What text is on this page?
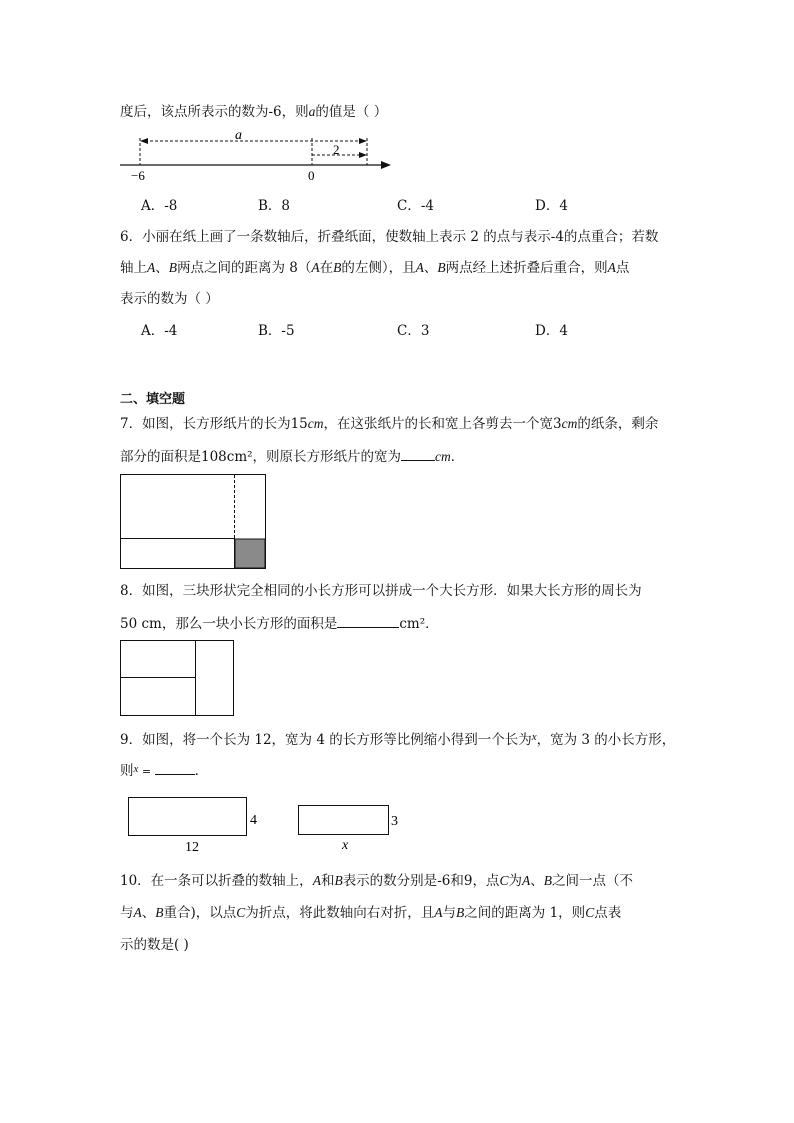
度后，该点所表示的数为-6，则a的值是（ ）
a
2
−6	0
A．-8	B．8	C．-4	D．4
6．小丽在纸上画了一条数轴后，折叠纸面，使数轴上表示 2 的点与表示-4的点重合；若数
轴上A、B两点之间的距离为 8（A在B的左侧），且A、B两点经上述折叠后重合，则A点
表示的数为（ ）
A．-4	B．-5	C．3	D．4
二、填空题
7．如图，长方形纸片的长为15cm，在这张纸片的长和宽上各剪去一个宽3cm的纸条，剩余
部分的面积是108cm²，则原长方形纸片的宽为	cm．
8．如图，三块形状完全相同的小长方形可以拼成一个大长方形．如果大长方形的周长为
50 cm，那么一块小长方形的面积是	cm²．
9．如图，将一个长为 12，宽为 4 的长方形等比例缩小得到一个长为$^x$，宽为 3 的小长方形，
则$^x$ =	．
4
12
3
x
10．在一条可以折叠的数轴上，A和B表示的数分别是-6和9，点C为A、B之间一点（不
与A、B重合)，以点C为折点，将此数轴向右对折，且A与B之间的距离为 1，则C点表
示的数是( )
